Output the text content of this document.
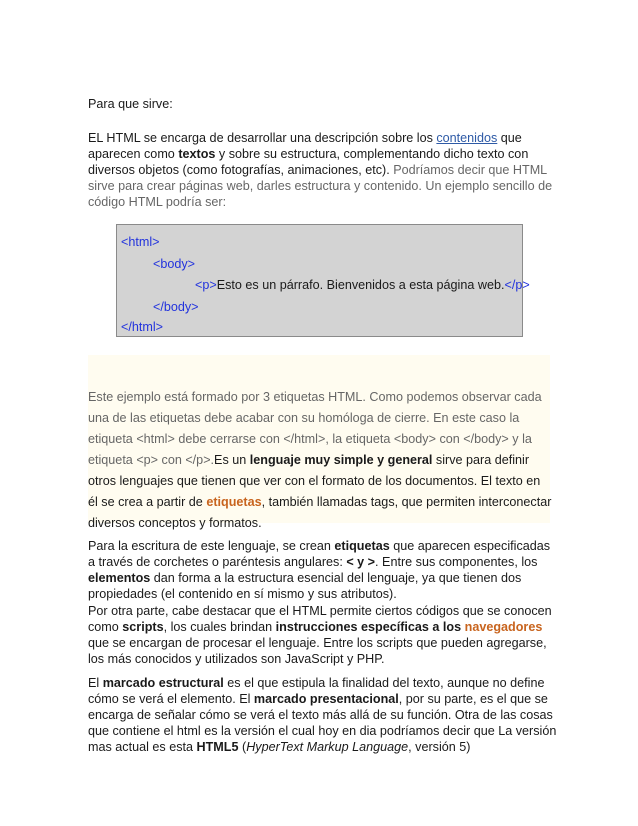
Para que sirve:

EL HTML se encarga de desarrollar una descripción sobre los contenidos que aparecen como textos y sobre su estructura, complementando dicho texto con diversos objetos (como fotografías, animaciones, etc). Podríamos decir que HTML sirve para crear páginas web, darles estructura y contenido. Un ejemplo sencillo de código HTML podría ser:

<html>
<body>
<p>Esto es un párrafo. Bienvenidos a esta página web.</p>
</body>
</html>
Este ejemplo está formado por 3 etiquetas HTML. Como podemos observar cada
una de las etiquetas debe acabar con su homóloga de cierre. En este caso la
etiqueta <html> debe cerrarse con </html>, la etiqueta <body> con </body> y la
etiqueta <p> con </p>.Es un lenguaje muy simple y general sirve para definir
otros lenguajes que tienen que ver con el formato de los documentos. El texto en
él se crea a partir de etiquetas, también llamadas tags, que permiten interconectar
diversos conceptos y formatos.

Para la escritura de este lenguaje, se crean etiquetas que aparecen especificadas a través de corchetes o paréntesis angulares: < y >. Entre sus componentes, los elementos dan forma a la estructura esencial del lenguaje, ya que tienen dos propiedades (el contenido en sí mismo y sus atributos).

Por otra parte, cabe destacar que el HTML permite ciertos códigos que se conocen como scripts, los cuales brindan instrucciones específicas a los navegadores que se encargan de procesar el lenguaje. Entre los scripts que pueden agregarse, los más conocidos y utilizados son JavaScript y PHP.

El marcado estructural es el que estipula la finalidad del texto, aunque no define cómo se verá el elemento. El marcado presentacional, por su parte, es el que se encarga de señalar cómo se verá el texto más allá de su función. Otra de las cosas que contiene el html es la versión el cual hoy en dia podríamos decir que La versión mas actual es esta HTML5 (HyperText Markup Language, versión 5)
